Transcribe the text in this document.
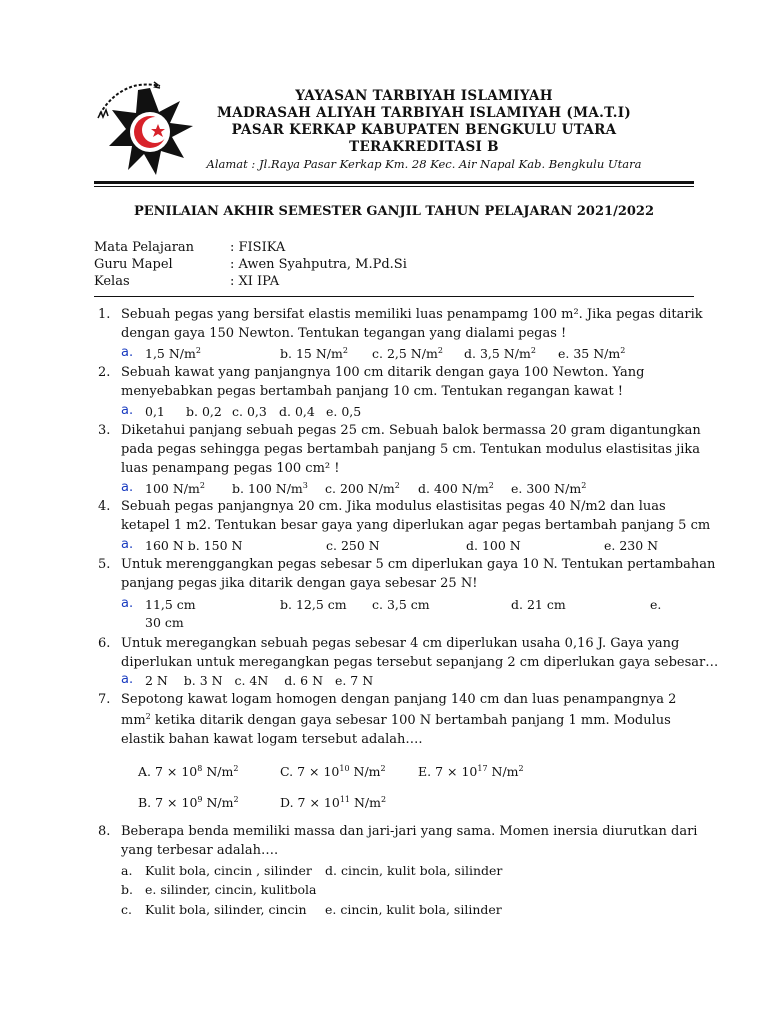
YAYASAN TARBIYAH ISLAMIYAH
MADRASAH ALIYAH TARBIYAH ISLAMIYAH (MA.T.I)
PASAR KERKAP KABUPATEN BENGKULU UTARA
TERAKREDITASI B
Alamat : Jl.Raya Pasar Kerkap Km. 28 Kec. Air Napal Kab. Bengkulu Utara
PENILAIAN AKHIR SEMESTER GANJIL TAHUN PELAJARAN 2021/2022
Mata Pelajaran	: FISIKA
Guru Mapel	: Awen Syahputra, M.Pd.Si
Kelas	: XI IPA
1. Sebuah pegas yang bersifat elastis memiliki luas penampamg 100 m². Jika pegas ditarik
dengan gaya 150 Newton. Tentukan tegangan yang dialami pegas !
a. 1,5 $N/m^2$	b. 15 $N/m^2$ c. 2,5 $N/m^2$ d. 3,5 $N/m^2$ e. 35 $N/m^2$
2. Sebuah kawat yang panjangnya 100 cm ditarik dengan gaya 100 Newton. Yang
menyebabkan pegas bertambah panjang 10 cm. Tentukan regangan kawat !
a. 0,1 b. 0,2 c. 0,3 d. 0,4 e. 0,5
3. Diketahui panjang sebuah pegas 25 cm. Sebuah balok bermassa 20 gram digantungkan
pada pegas sehingga pegas bertambah panjang 5 cm. Tentukan modulus elastisitas jika
luas penampang pegas 100 cm² !
a. 100 $N/m^2$ b. 100 $N/m^3$ c. 200 $N/m^2$ d. 400 $N/m^2$ e. 300 $N/m^2$
4. Sebuah pegas panjangnya 20 cm. Jika modulus elastisitas pegas 40 N/m2 dan luas
ketapel 1 m2. Tentukan besar gaya yang diperlukan agar pegas bertambah panjang 5 cm
a. 160 N b. 150 N	c. 250 N	d. 100 N	e. 230 N
5. Untuk merenggangkan pegas sebesar 5 cm diperlukan gaya 10 N. Tentukan pertambahan
panjang pegas jika ditarik dengan gaya sebesar 25 N!
a. 11,5 cm	b. 12,5 cm c. 3,5 cm	d. 21 cm	e.
30 cm
6. Untuk meregangkan sebuah pegas sebesar 4 cm diperlukan usaha 0,16 J. Gaya yang
diperlukan untuk meregangkan pegas tersebut sepanjang 2 cm diperlukan gaya sebesar…
a. 2 N    b. 3 N   c. 4N    d. 6 N   e. 7 N
7. Sepotong kawat logam homogen dengan panjang 140 cm dan luas penampangnya 2
$mm^2$ ketika ditarik dengan gaya sebesar 100 N bertambah panjang 1 mm. Modulus
elastik bahan kawat logam tersebut adalah….
A. $7 \times 10^8$ $N/m^2$	C. $7 \times 10^{10}$ $N/m^2$	E. $7 \times 10^{17}$ $N/m^2$
B. $7 \times 10^9$ $N/m^2$	D. $7 \times 10^{11}$ $N/m^2$
8. Beberapa benda memiliki massa dan jari-jari yang sama. Momen inersia diurutkan dari
yang terbesar adalah….
a. Kulit bola, cincin , silinder d. cincin, kulit bola, silinder
b. e. silinder, cincin, kulitbola
c. Kulit bola, silinder, cincin e. cincin, kulit bola, silinder
